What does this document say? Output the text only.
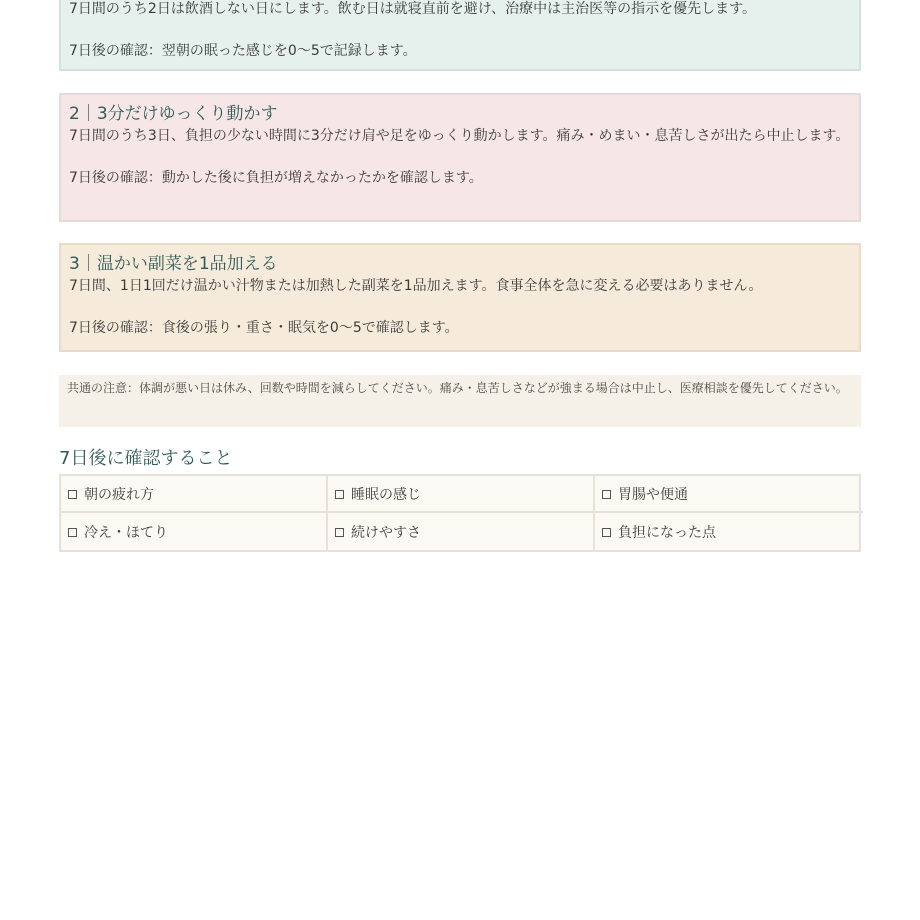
7日間のうち2日は飲酒しない日にします。飲む日は就寝直前を避け、治療中は主治医等の指示を優先します。

7日後の確認：翌朝の眠った感じを0〜5で記録します。

2｜3分だけゆっくり動かす

7日間のうち3日、負担の少ない時間に3分だけ肩や足をゆっくり動かします。痛み・めまい・息苦しさが出たら中止します。

7日後の確認：動かした後に負担が増えなかったかを確認します。

3｜温かい副菜を1品加える

7日間、1日1回だけ温かい汁物または加熱した副菜を1品加えます。食事全体を急に変える必要はありません。

7日後の確認：食後の張り・重さ・眠気を0〜5で確認します。

共通の注意：体調が悪い日は休み、回数や時間を減らしてください。痛み・息苦しさなどが強まる場合は中止し、医療相談を優先してください。
7日後に確認すること
朝の疲れ方	睡眠の感じ	胃腸や便通
冷え・ほてり	続けやすさ	負担になった点
